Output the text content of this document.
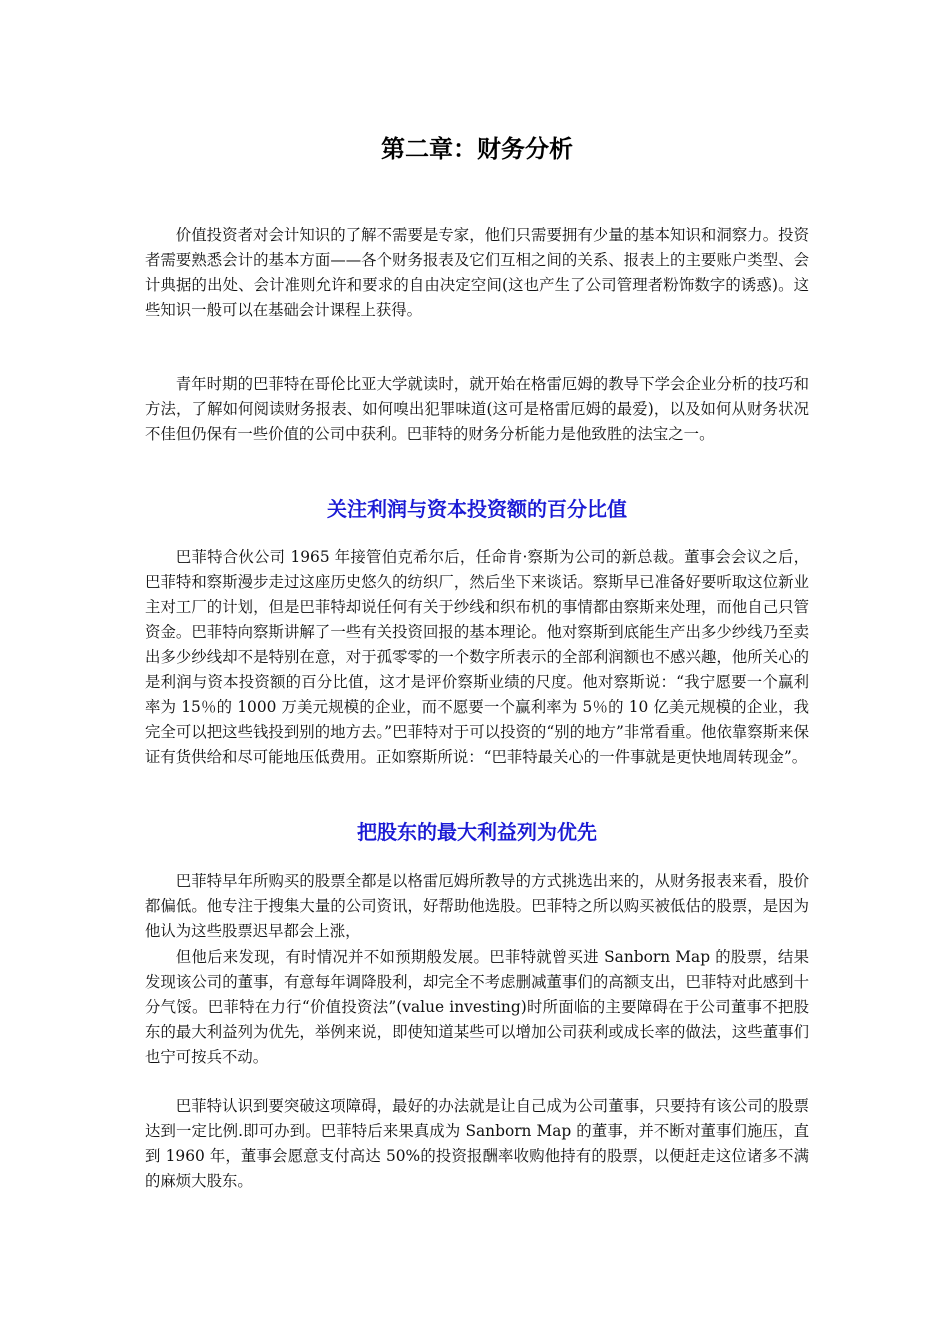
第二章：财务分析

价值投资者对会计知识的了解不需要是专家，他们只需要拥有少量的基本知识和洞察力。投资者需要熟悉会计的基本方面——各个财务报表及它们互相之间的关系、报表上的主要账户类型、会计典据的出处、会计准则允许和要求的自由决定空间(这也产生了公司管理者粉饰数字的诱惑)。这些知识一般可以在基础会计课程上获得。

青年时期的巴菲特在哥伦比亚大学就读时，就开始在格雷厄姆的教导下学会企业分析的技巧和方法，了解如何阅读财务报表、如何嗅出犯罪味道(这可是格雷厄姆的最爱)，以及如何从财务状况不佳但仍保有一些价值的公司中获利。巴菲特的财务分析能力是他致胜的法宝之一。

关注利润与资本投资额的百分比值

巴菲特合伙公司 1965 年接管伯克希尔后，任命肯·察斯为公司的新总裁。董事会会议之后，巴菲特和察斯漫步走过这座历史悠久的纺织厂，然后坐下来谈话。察斯早已准备好要听取这位新业主对工厂的计划，但是巴菲特却说任何有关于纱线和织布机的事情都由察斯来处理，而他自己只管资金。巴菲特向察斯讲解了一些有关投资回报的基本理论。他对察斯到底能生产出多少纱线乃至卖出多少纱线却不是特别在意，对于孤零零的一个数字所表示的全部利润额也不感兴趣，他所关心的是利润与资本投资额的百分比值，这才是评价察斯业绩的尺度。他对察斯说：“我宁愿要一个赢利率为 15％的 1000 万美元规模的企业，而不愿要一个赢利率为 5％的 10 亿美元规模的企业，我完全可以把这些钱投到别的地方去。”巴菲特对于可以投资的“别的地方”非常看重。他依靠察斯来保证有货供给和尽可能地压低费用。正如察斯所说：“巴菲特最关心的一件事就是更快地周转现金”。

把股东的最大利益列为优先

巴菲特早年所购买的股票全都是以格雷厄姆所教导的方式挑选出来的，从财务报表来看，股价都偏低。他专注于搜集大量的公司资讯，好帮助他选股。巴菲特之所以购买被低估的股票，是因为他认为这些股票迟早都会上涨，

但他后来发现，有时情况并不如预期般发展。巴菲特就曾买进 Sanborn Map 的股票，结果发现该公司的董事，有意每年调降股利，却完全不考虑删减董事们的高额支出，巴菲特对此感到十分气馁。巴菲特在力行“价值投资法”(value investing)时所面临的主要障碍在于公司董事不把股东的最大利益列为优先，举例来说，即使知道某些可以增加公司获利或成长率的做法，这些董事们也宁可按兵不动。

巴菲特认识到要突破这项障碍，最好的办法就是让自己成为公司董事，只要持有该公司的股票达到一定比例.即可办到。巴菲特后来果真成为 Sanborn Map 的董事，并不断对董事们施压，直到 1960 年，董事会愿意支付高达 50%的投资报酬率收购他持有的股票，以便赶走这位诸多不满的麻烦大股东。
